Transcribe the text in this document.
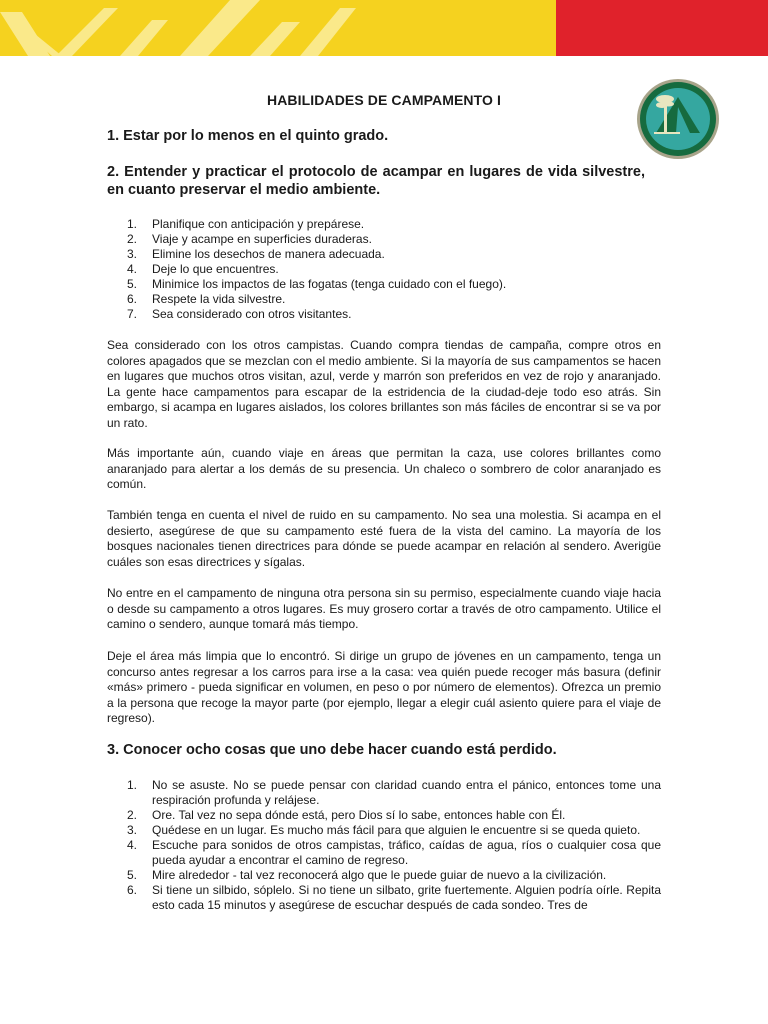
HABILIDADES DE CAMPAMENTO I
1. Estar por lo menos en el quinto grado.
2. Entender y practicar el protocolo de acampar en lugares de vida silvestre, en cuanto preservar el medio ambiente.
1. Planifique con anticipación y prepárese.
2. Viaje y acampe en superficies duraderas.
3. Elimine los desechos de manera adecuada.
4. Deje lo que encuentres.
5. Minimice los impactos de las fogatas (tenga cuidado con el fuego).
6. Respete la vida silvestre.
7. Sea considerado con otros visitantes.

Sea considerado con los otros campistas. Cuando compra tiendas de campaña, compre otros en colores apagados que se mezclan con el medio ambiente. Si la mayoría de sus campamentos se hacen en lugares que muchos otros visitan, azul, verde y marrón son preferidos en vez de rojo y anaranjado. La gente hace campamentos para escapar de la estridencia de la ciudad-deje todo eso atrás. Sin embargo, si acampa en lugares aislados, los colores brillantes son más fáciles de encontrar si se va por un rato.

Más importante aún, cuando viaje en áreas que permitan la caza, use colores brillantes como anaranjado para alertar a los demás de su presencia. Un chaleco o sombrero de color anaranjado es común.

También tenga en cuenta el nivel de ruido en su campamento. No sea una molestia. Si acampa en el desierto, asegúrese de que su campamento esté fuera de la vista del camino. La mayoría de los bosques nacionales tienen directrices para dónde se puede acampar en relación al sendero. Averigüe cuáles son esas directrices y sígalas.

No entre en el campamento de ninguna otra persona sin su permiso, especialmente cuando viaje hacia o desde su campamento a otros lugares. Es muy grosero cortar a través de otro campamento. Utilice el camino o sendero, aunque tomará más tiempo.

Deje el área más limpia que lo encontró. Si dirige un grupo de jóvenes en un campamento, tenga un concurso antes regresar a los carros para irse a la casa: vea quién puede recoger más basura (definir «más» primero - pueda significar en volumen, en peso o por número de elementos). Ofrezca un premio a la persona que recoge la mayor parte (por ejemplo, llegar a elegir cuál asiento quiere para el viaje de regreso).

3. Conocer ocho cosas que uno debe hacer cuando está perdido.
1. No se asuste. No se puede pensar con claridad cuando entra el pánico, entonces tome una respiración profunda y relájese.
2. Ore. Tal vez no sepa dónde está, pero Dios sí lo sabe, entonces hable con Él.
3. Quédese en un lugar. Es mucho más fácil para que alguien le encuentre si se queda quieto.
4. Escuche para sonidos de otros campistas, tráfico, caídas de agua, ríos o cualquier cosa que pueda ayudar a encontrar el camino de regreso.
5. Mire alrededor - tal vez reconocerá algo que le puede guiar de nuevo a la civilización.
6. Si tiene un silbido, sóplelo. Si no tiene un silbato, grite fuertemente. Alguien podría oírle. Repita esto cada 15 minutos y asegúrese de escuchar después de cada sondeo. Tres de
